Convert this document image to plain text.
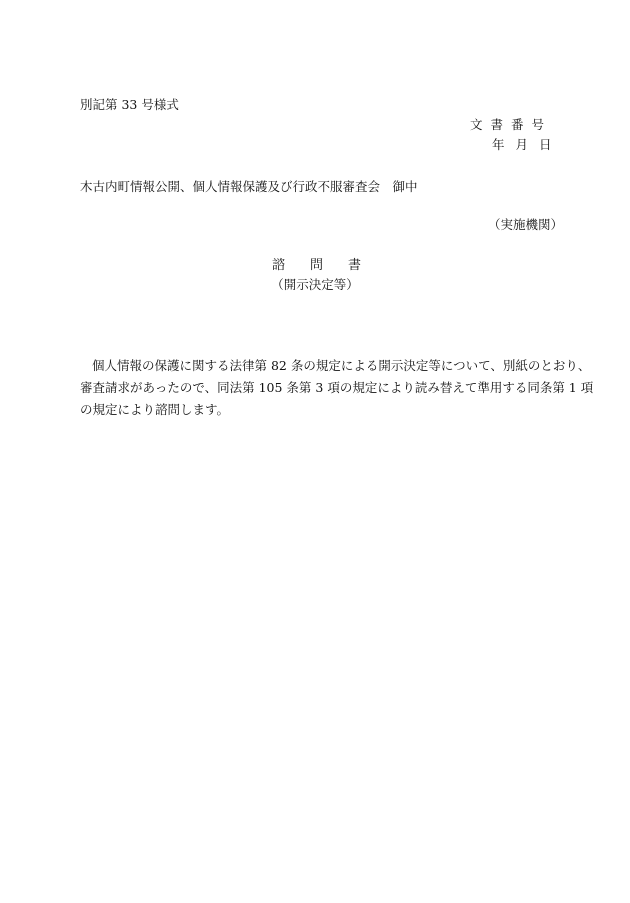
別記第 33 号様式
文書番号
年月日
木古内町情報公開、個人情報保護及び行政不服審査会　御中
（実施機関）
諮問書
（開示決定等）
個人情報の保護に関する法律第 82 条の規定による開示決定等について、別紙のとおり、
審査請求があったので、同法第 105 条第 3 項の規定により読み替えて準用する同条第 1 項
の規定により諮問します。
